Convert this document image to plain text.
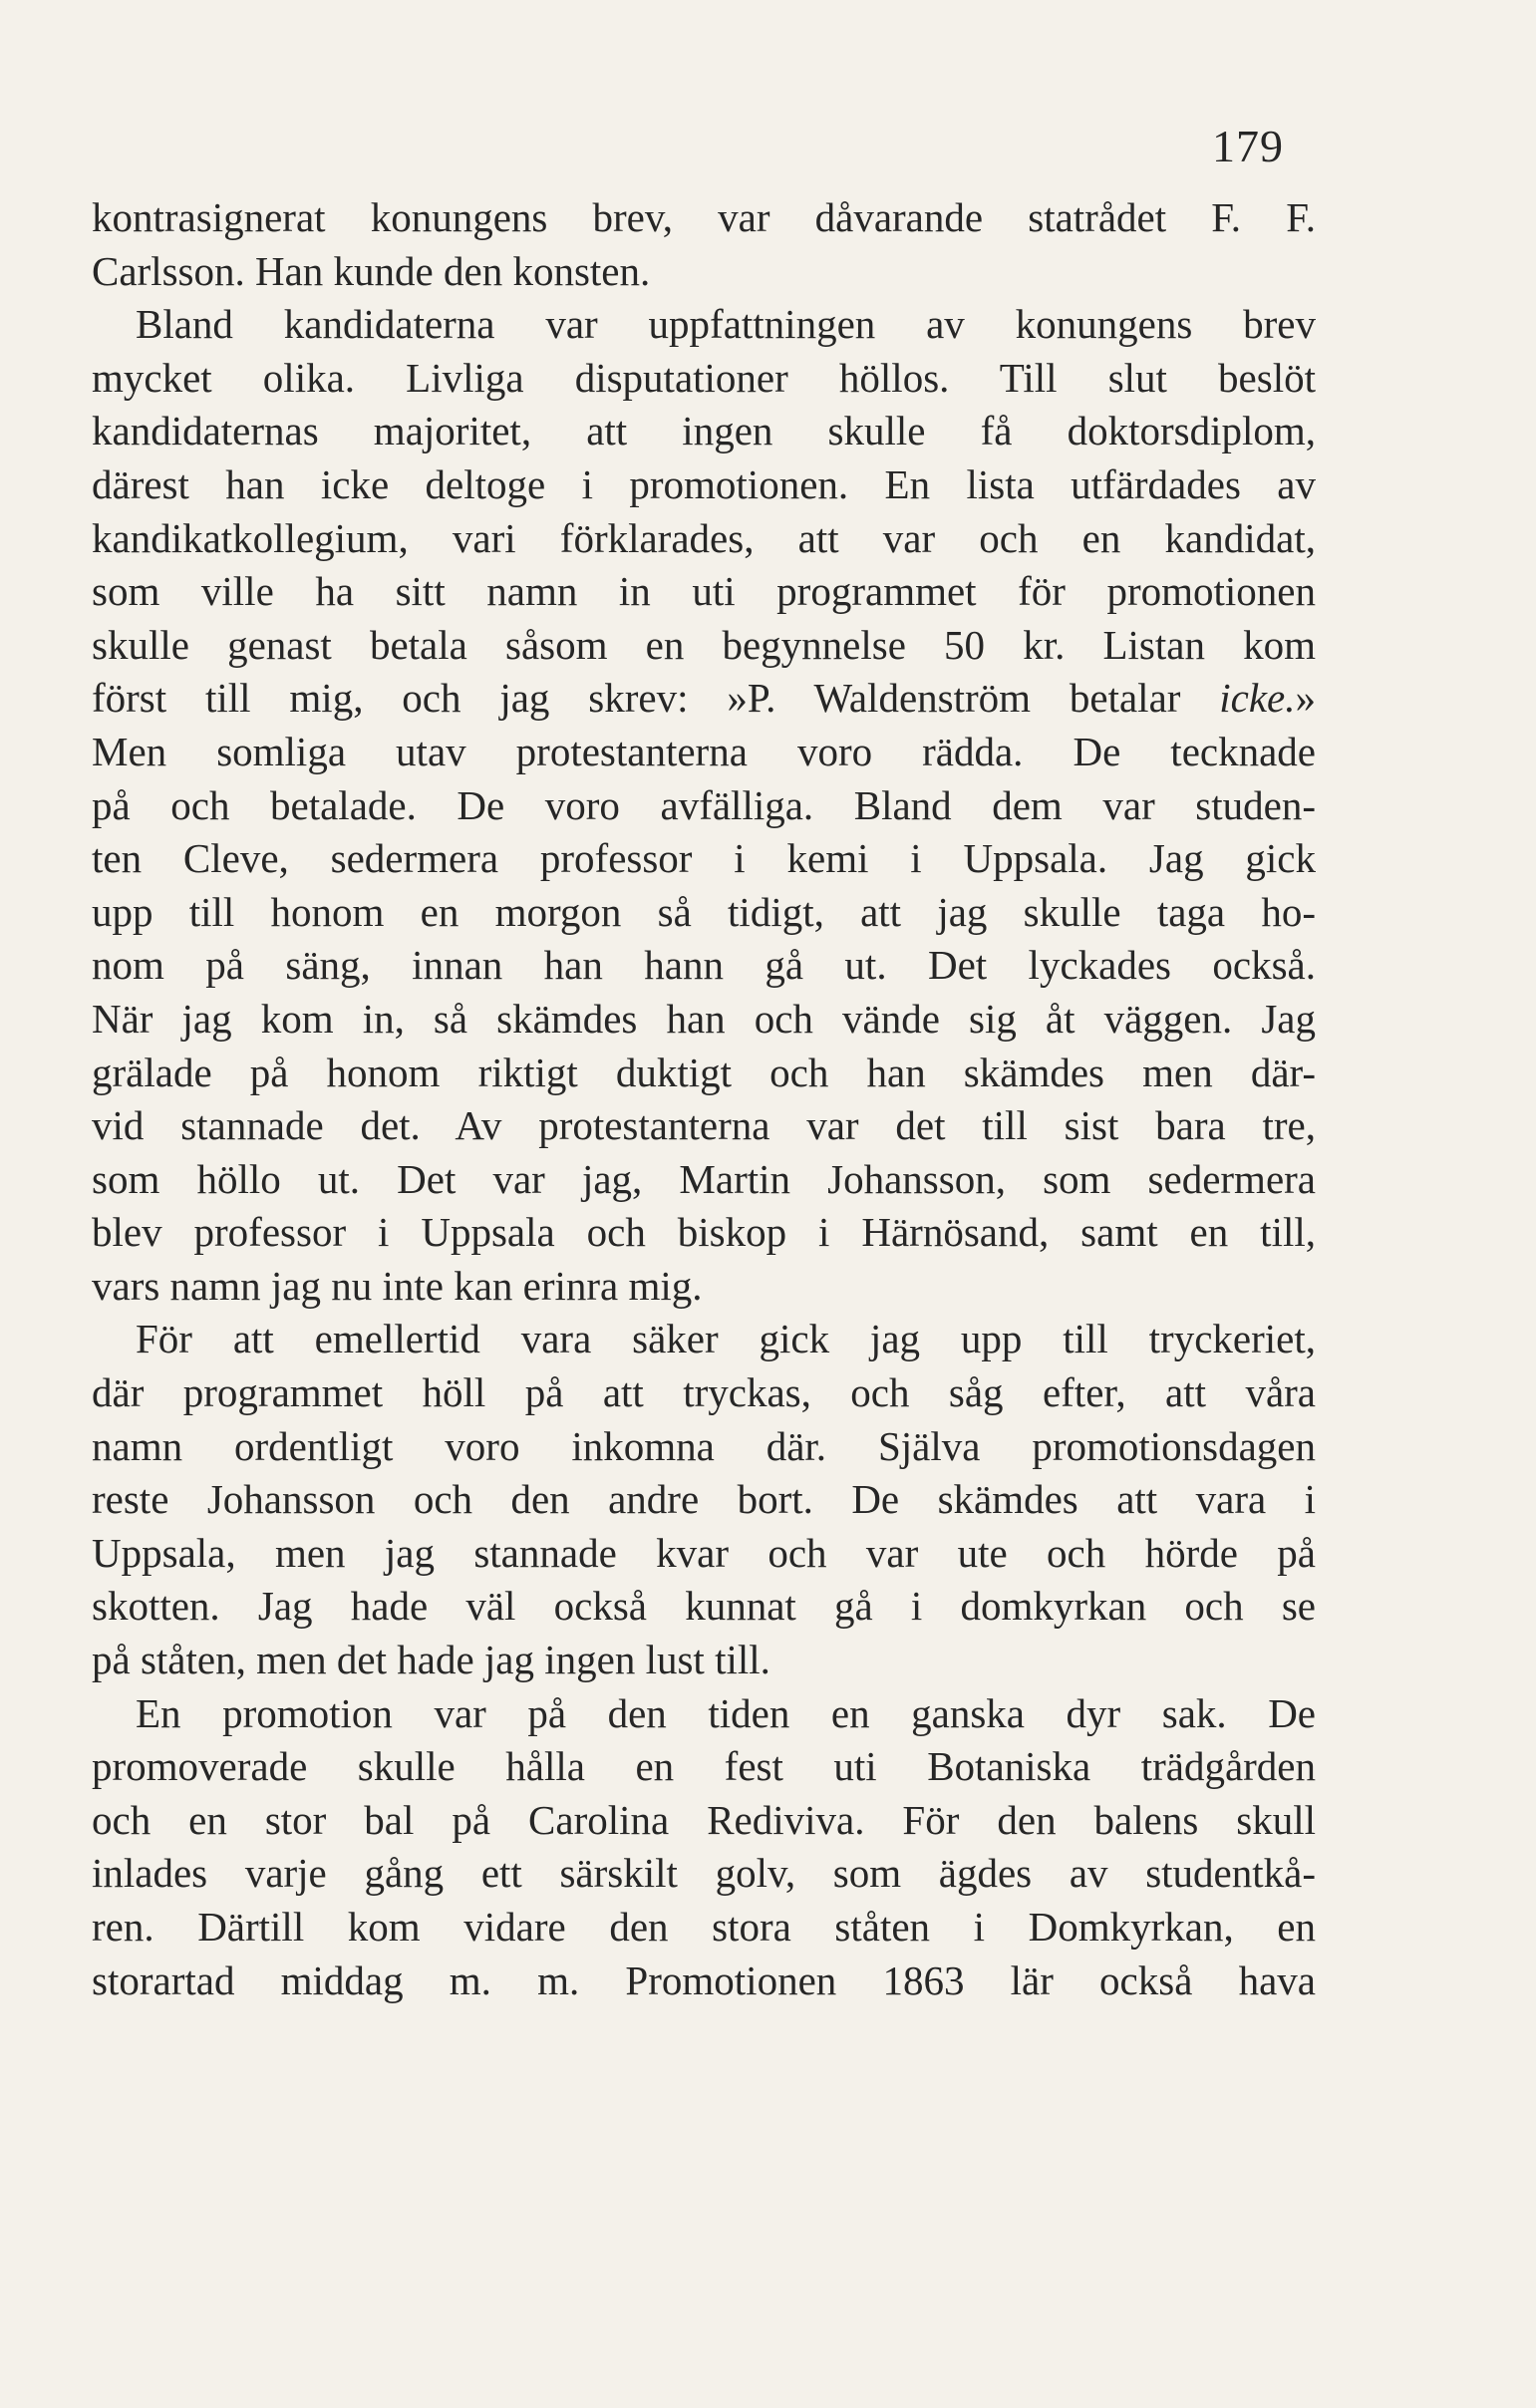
179
kontrasignerat konungens brev, var dåvarande statrådet F. F.
Carlsson. Han kunde den konsten.
Bland kandidaterna var uppfattningen av konungens brev
mycket olika. Livliga disputationer höllos. Till slut beslöt
kandidaternas majoritet, att ingen skulle få doktorsdiplom,
därest han icke deltoge i promotionen. En lista utfärdades av
kandikatkollegium, vari förklarades, att var och en kandidat,
som ville ha sitt namn in uti programmet för promotionen
skulle genast betala såsom en begynnelse 50 kr. Listan kom
först till mig, och jag skrev: »P. Waldenström betalar icke.»
Men somliga utav protestanterna voro rädda. De tecknade
på och betalade. De voro avfälliga. Bland dem var studen-
ten Cleve, sedermera professor i kemi i Uppsala. Jag gick
upp till honom en morgon så tidigt, att jag skulle taga ho-
nom på säng, innan han hann gå ut. Det lyckades också.
När jag kom in, så skämdes han och vände sig åt väggen. Jag
grälade på honom riktigt duktigt och han skämdes men där-
vid stannade det. Av protestanterna var det till sist bara tre,
som höllo ut. Det var jag, Martin Johansson, som sedermera
blev professor i Uppsala och biskop i Härnösand, samt en till,
vars namn jag nu inte kan erinra mig.
För att emellertid vara säker gick jag upp till tryckeriet,
där programmet höll på att tryckas, och såg efter, att våra
namn ordentligt voro inkomna där. Själva promotionsdagen
reste Johansson och den andre bort. De skämdes att vara i
Uppsala, men jag stannade kvar och var ute och hörde på
skotten. Jag hade väl också kunnat gå i domkyrkan och se
på ståten, men det hade jag ingen lust till.
En promotion var på den tiden en ganska dyr sak. De
promoverade skulle hålla en fest uti Botaniska trädgården
och en stor bal på Carolina Rediviva. För den balens skull
inlades varje gång ett särskilt golv, som ägdes av studentkå-
ren. Därtill kom vidare den stora ståten i Domkyrkan, en
storartad middag m. m. Promotionen 1863 lär också hava
